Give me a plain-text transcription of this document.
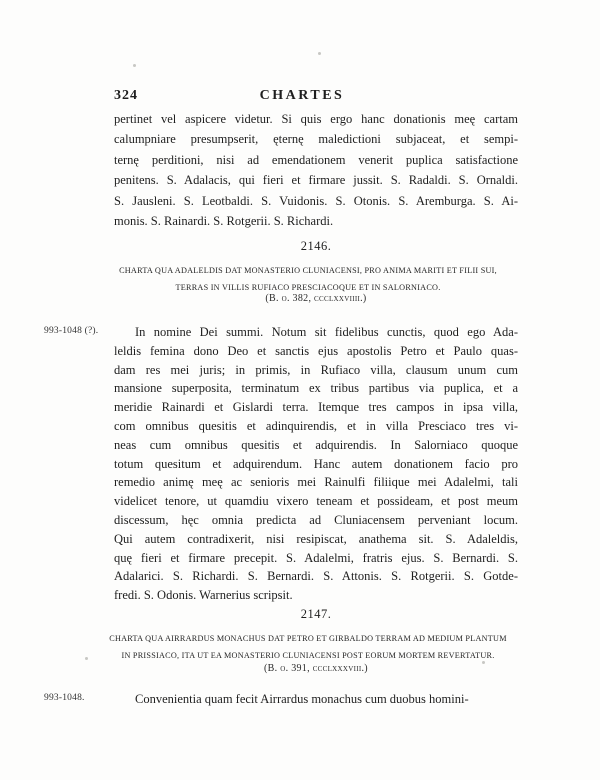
324	CHARTES
pertinet vel aspicere videtur. Si quis ergo hanc donationis meę cartam
calumpniare presumpserit, ęternę maledictioni subjaceat, et sempi-
ternę perditioni, nisi ad emendationem venerit puplica satisfactione
penitens. S. Adalacis, qui fieri et firmare jussit. S. Radaldi. S. Ornaldi.
S. Jausleni. S. Leotbaldi. S. Vuidonis. S. Otonis. S. Aremburga. S. Ai-
monis. S. Rainardi. S. Rotgerii. S. Richardi.
2146.
CHARTA QUA ADALELDIS DAT MONASTERIO CLUNIACENSI, PRO ANIMA MARITI ET FILII SUI,
TERRAS IN VILLIS RUFIACO PRESCIACOQUE ET IN SALORNIACO.
(B. o. 382, ccclxxviiii.)
993-1048 (?).	In nomine Dei summi. Notum sit fidelibus cunctis, quod ego Ada-
leldis femina dono Deo et sanctis ejus apostolis Petro et Paulo quas-
dam res mei juris; in primis, in Rufiaco villa, clausum unum cum
mansione superposita, terminatum ex tribus partibus via puplica, et a
meridie Rainardi et Gislardi terra. Itemque tres campos in ipsa villa,
com omnibus quesitis et adinquirendis, et in villa Presciaco tres vi-
neas cum omnibus quesitis et adquirendis. In Salorniaco quoque
totum quesitum et adquirendum. Hanc autem donationem facio pro
remedio animę meę ac senioris mei Rainulfi filiique mei Adalelmi, tali
videlicet tenore, ut quamdiu vixero teneam et possideam, et post meum
discessum, hęc omnia predicta ad Cluniacensem perveniant locum.
Qui autem contradixerit, nisi resipiscat, anathema sit. S. Adaleldis,
quę fieri et firmare precepit. S. Adalelmi, fratris ejus. S. Bernardi. S.
Adalarici. S. Richardi. S. Bernardi. S. Attonis. S. Rotgerii. S. Gotde-
fredi. S. Odonis. Warnerius scripsit.
2147.
CHARTA QUA AIRRARDUS MONACHUS DAT PETRO ET GIRBALDO TERRAM AD MEDIUM PLANTUM
IN PRISSIACO, ITA UT EA MONASTERIO CLUNIACENSI POST EORUM MORTEM REVERTATUR.
(B. o. 391, ccclxxxviii.)
993-1048.	Convenientia quam fecit Airrardus monachus cum duobus homini-
